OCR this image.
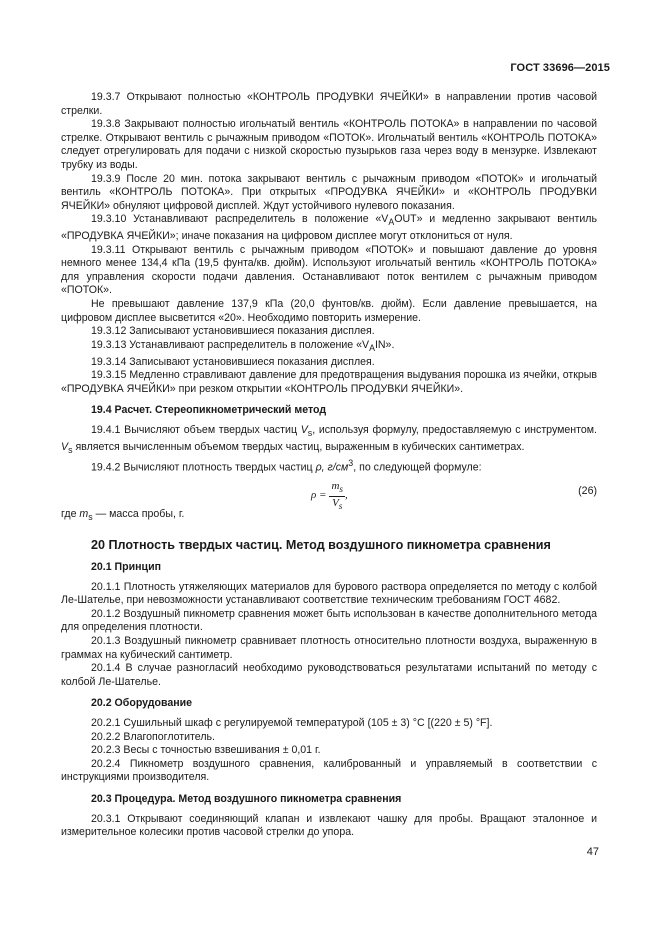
ГОСТ 33696—2015

19.3.7 Открывают полностью «КОНТРОЛЬ ПРОДУВКИ ЯЧЕЙКИ» в направлении против часовой стрелки.

19.3.8 Закрывают полностью игольчатый вентиль «КОНТРОЛЬ ПОТОКА» в направлении по часовой стрелке. Открывают вентиль с рычажным приводом «ПОТОК». Игольчатый вентиль «КОНТРОЛЬ ПОТОКА» следует отрегулировать для подачи с низкой скоростью пузырьков газа через воду в мензурке. Извлекают трубку из воды.

19.3.9 После 20 мин. потока закрывают вентиль с рычажным приводом «ПОТОК» и игольчатый вентиль «КОНТРОЛЬ ПОТОКА». При открытых «ПРОДУВКА ЯЧЕЙКИ» и «КОНТРОЛЬ ПРОДУВКИ ЯЧЕЙКИ» обнуляют цифровой дисплей. Ждут устойчивого нулевого показания.

19.3.10 Устанавливают распределитель в положение «$V_AOUT$» и медленно закрывают вентиль «ПРОДУВКА ЯЧЕЙКИ»; иначе показания на цифровом дисплее могут отклониться от нуля.

19.3.11 Открывают вентиль с рычажным приводом «ПОТОК» и повышают давление до уровня немного менее 134,4 кПа (19,5 фунта/кв. дюйм). Используют игольчатый вентиль «КОНТРОЛЬ ПОТОКА» для управления скорости подачи давления. Останавливают поток вентилем с рычажным приводом «ПОТОК».

Не превышают давление 137,9 кПа (20,0 фунтов/кв. дюйм). Если давление превышается, на цифровом дисплее высветится «20». Необходимо повторить измерение.

19.3.12 Записывают установившиеся показания дисплея.

19.3.13 Устанавливают распределитель в положение «$V_AIN$».

19.3.14 Записывают установившиеся показания дисплея.

19.3.15 Медленно стравливают давление для предотвращения выдувания порошка из ячейки, открыв «ПРОДУВКА ЯЧЕЙКИ» при резком открытии «КОНТРОЛЬ ПРОДУВКИ ЯЧЕЙКИ».

19.4 Расчет. Стереопикнометрический метод

19.4.1 Вычисляют объем твердых частиц $V_s$, используя формулу, предоставляемую с инструментом. $V_s$ является вычисленным объемом твердых частиц, выраженным в кубических сантиметрах.

19.4.2 Вычисляют плотность твердых частиц ρ, $г/см^3$, по следующей формуле:

$\rho = \frac{m_s}{V_s}$ ,	(26)

где $m_s$ — масса пробы, г.

20 Плотность твердых частиц. Метод воздушного пикнометра сравнения

20.1 Принцип

20.1.1 Плотность утяжеляющих материалов для бурового раствора определяется по методу с колбой Ле-Шателье, при невозможности устанавливают соответствие техническим требованиям ГОСТ 4682.

20.1.2 Воздушный пикнометр сравнения может быть использован в качестве дополнительного метода для определения плотности.

20.1.3 Воздушный пикнометр сравнивает плотность относительно плотности воздуха, выраженную в граммах на кубический сантиметр.

20.1.4 В случае разногласий необходимо руководствоваться результатами испытаний по методу с колбой Ле-Шателье.

20.2 Оборудование

20.2.1 Сушильный шкаф с регулируемой температурой (105 ± 3) °С [(220 ± 5) °F].

20.2.2 Влагопоглотитель.

20.2.3 Весы с точностью взвешивания ± 0,01 г.

20.2.4 Пикнометр воздушного сравнения, калиброванный и управляемый в соответствии с инструкциями производителя.

20.3 Процедура. Метод воздушного пикнометра сравнения

20.3.1 Открывают соединяющий клапан и извлекают чашку для пробы. Вращают эталонное и измерительное колесики против часовой стрелки до упора.

47
